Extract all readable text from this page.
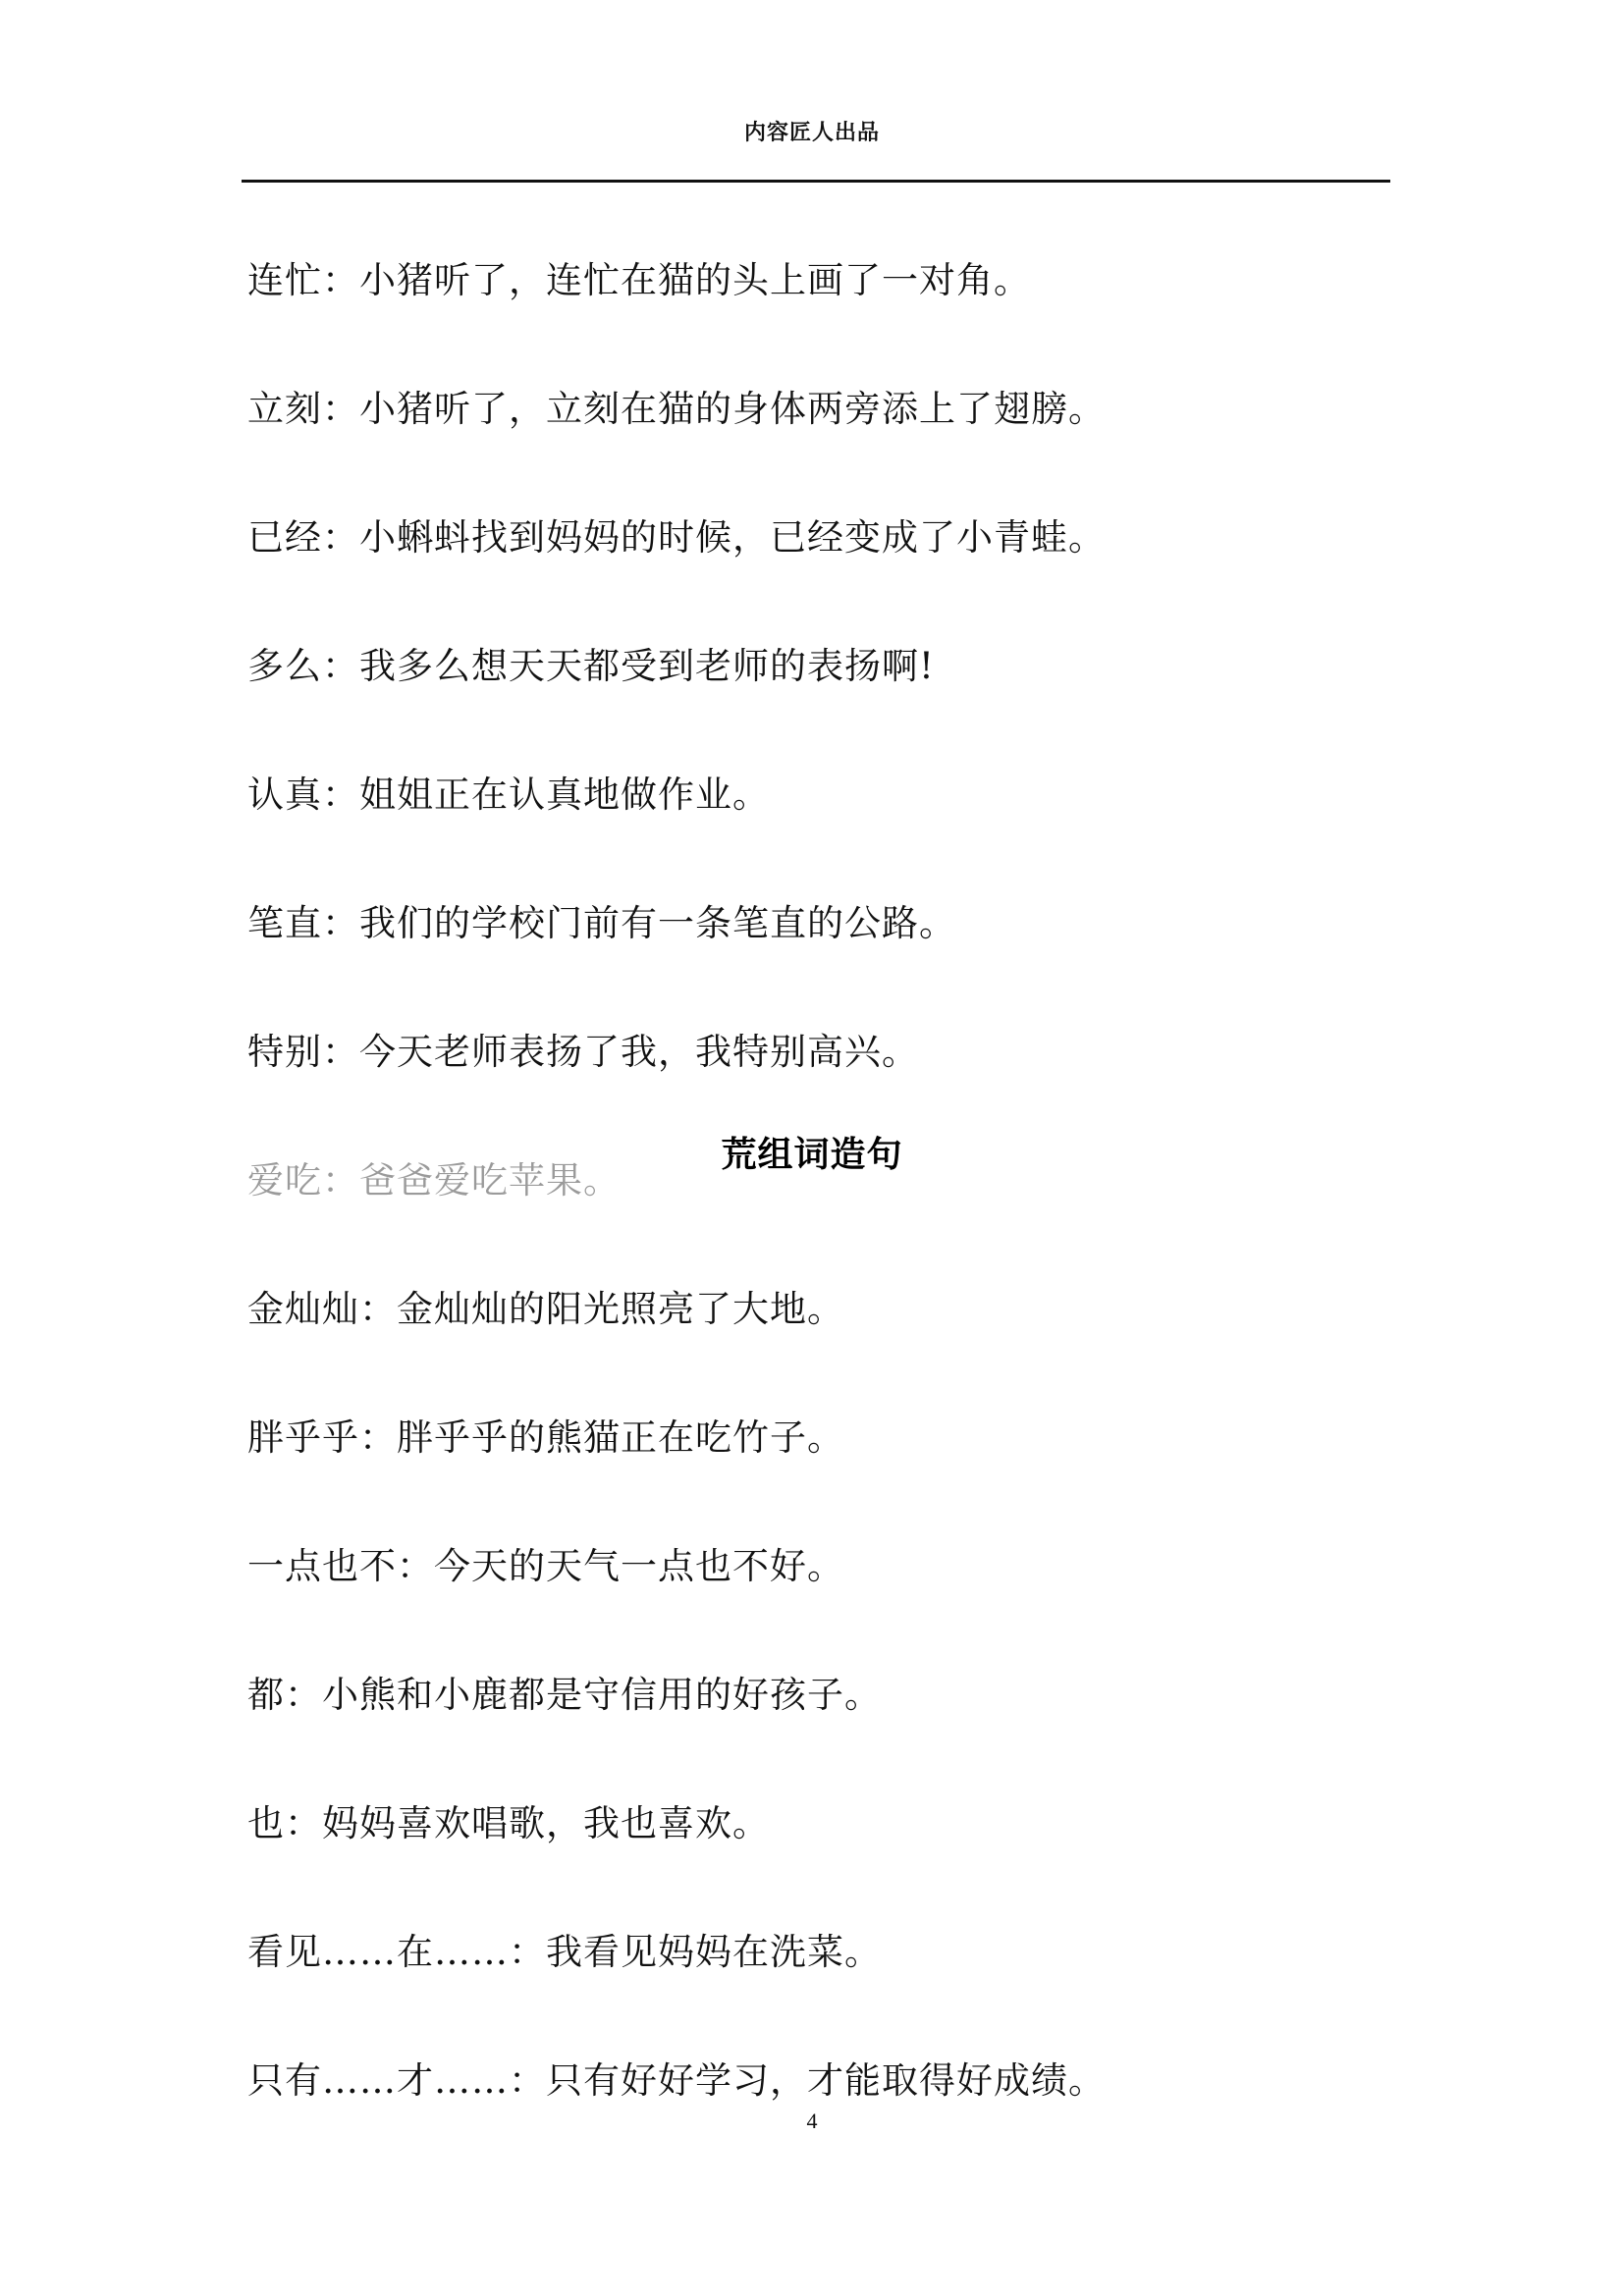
内容匠人出品
连忙：小猪听了，连忙在猫的头上画了一对角。
立刻：小猪听了，立刻在猫的身体两旁添上了翅膀。
已经：小蝌蚪找到妈妈的时候，已经变成了小青蛙。
多么：我多么想天天都受到老师的表扬啊!
认真：姐姐正在认真地做作业。
笔直：我们的学校门前有一条笔直的公路。
特别：今天老师表扬了我，我特别高兴。
爱吃：爸爸爱吃苹果。
金灿灿：金灿灿的阳光照亮了大地。
胖乎乎：胖乎乎的熊猫正在吃竹子。
一点也不：今天的天气一点也不好。
都：小熊和小鹿都是守信用的好孩子。
也：妈妈喜欢唱歌，我也喜欢。
看见……在……：我看见妈妈在洗菜。
只有……才……：只有好好学习，才能取得好成绩。
荒组词造句
4
